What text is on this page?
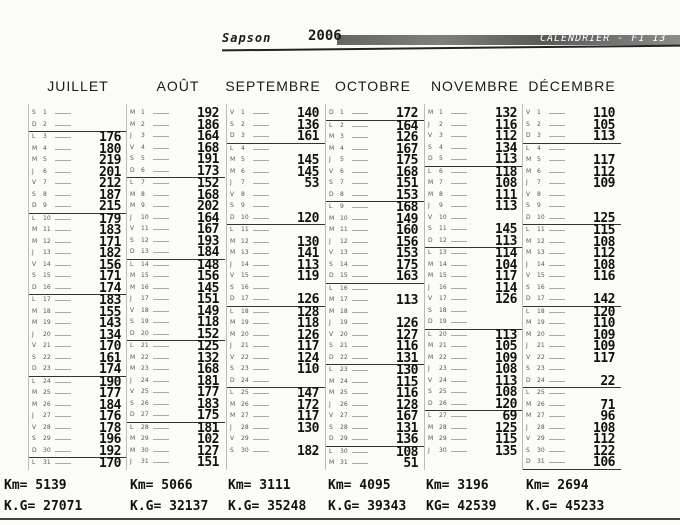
Sapson	2006	CALENDRIER - F1 13
JUILLET	AOÛT	SEPTEMBRE	OCTOBRE	NOVEMBRE DÉCEMBRE
S 1
D 2
L 3	176
M 4	180
M 5	219
J 6	201
V 7	212
S 8	187
D 9	215
L 10	179
M 11	183
M 12	171
J 13	182
V 14	156
S 15	171
D 16	174
L 17	183
M 18	155
M 19	143
J 20	134
V 21	170
S 22	161
D 23	174
L 24	190
M 25	177
M 26	184
J 27	176
V 28	178
S 29	196
D 30	192
L 31	170
M 1	192
M 2	186
J 3	164
V 4	168
S 5	191
D 6	173
L 7	152
M 8	168
M 9	202
J 10	164
V 11	167
S 12	193
D 13	184
L 14	148
M 15	156
M 16	145
J 17	151
V 18	149
S 19	118
D 20	152
L 21	125
M 22	132
M 23	168
J 24	181
V 25	177
S 26	183
D 27	175
L 28	181
M 29	102
M 30	127
J 31	151
V 1	140
S 2	136
D 3	161
L 4
M 5	145
M 6	145
J 7	53
V 8
S 9
D 10	120
L 11
M 12	130
M 13	141
J 14	113
V 15	119
S 16
D 17	126
L 18	128
M 19	118
M 20	126
J 21	117
V 22	124
S 23	110
D 24
L 25	147
M 26	172
M 27	117
J 28	130
V 29
S 30	182
D 1	172
L 2	164
M 3	126
M 4	167
J 5	175
V 6	168
S 7	151
D 8	153
L 9	168
M 10	149
M 11	160
J 12	156
V 13	153
S 14	175
D 15	163
L 16
M 17	113
M 18
J 19	126
V 20	127
S 21	116
D 22	131
L 23	130
M 24	115
M 25	116
J 26	128
V 27	167
S 28	131
D 29	136
L 30	108
M 31	51
M 1	132
J 2	116
V 3	112
S 4	134
D 5	113
L 6	118
M 7	108
M 8	111
J 9	113
V 10
S 11	145
D 12	113
L 13	114
M 14	104
M 15	117
J 16	114
V 17	126
S 18
D 19
L 20	113
M 21	105
M 22	109
J 23	108
V 24	113
S 25	108
D 26	120
L 27	69
M 28	125
M 29	115
J 30	135
V 1	110
S 2	105
D 3	113
L 4
M 5	117
M 6	112
J 7	109
V 8
S 9
D 10	125
L 11	115
M 12	108
M 13	112
J 14	108
V 15	116
S 16
D 17	142
L 18	120
M 19	110
M 20	109
J 21	109
V 22	117
S 23
D 24	22
L 25
M 26	71
M 27	96
J 28	108
V 29	112
S 30	122
D 31	106
Km= 5139
K.G= 27071
Km= 5066
K.G= 32137
Km= 3111
K.G= 35248
Km= 4095
K.G= 39343
Km= 3196
KG= 42539
Km= 2694
K.G= 45233
